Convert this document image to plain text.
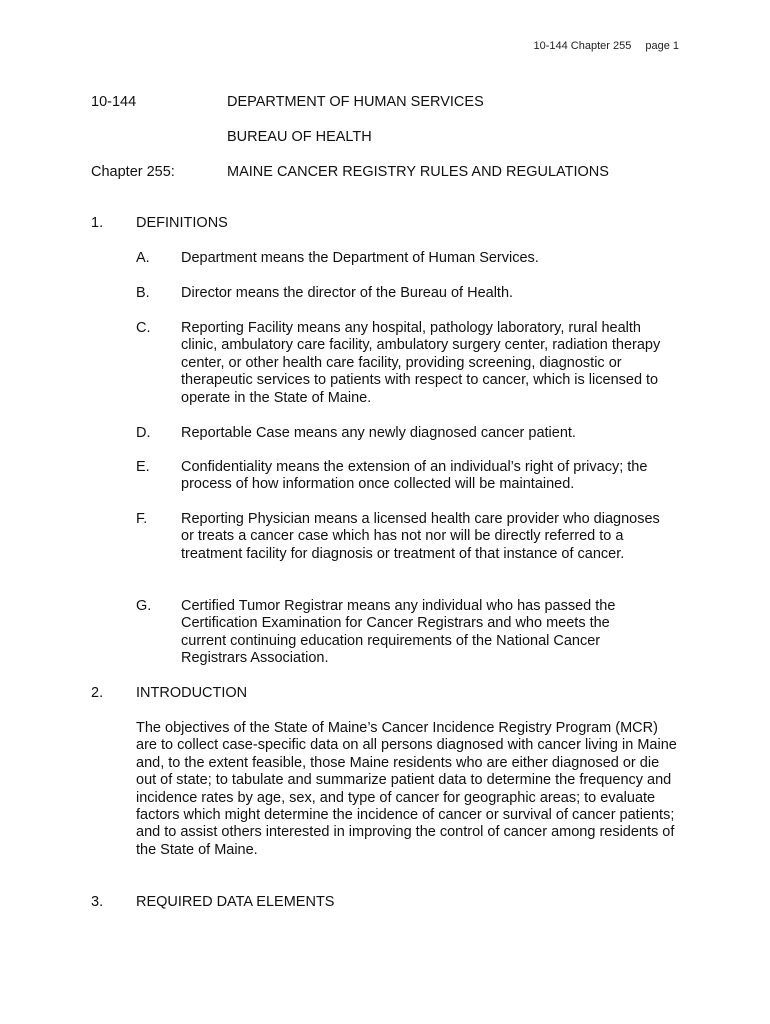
10-144 Chapter 255 page 1
10-144	DEPARTMENT OF HUMAN SERVICES
BUREAU OF HEALTH
Chapter 255:	MAINE CANCER REGISTRY RULES AND REGULATIONS
1. DEFINITIONS
A. Department means the Department of Human Services.
B. Director means the director of the Bureau of Health.
C. Reporting Facility means any hospital, pathology laboratory, rural health clinic, ambulatory care facility, ambulatory surgery center, radiation therapy center, or other health care facility, providing screening, diagnostic or therapeutic services to patients with respect to cancer, which is licensed to operate in the State of Maine.
D. Reportable Case means any newly diagnosed cancer patient.
E. Confidentiality means the extension of an individual’s right of privacy; the process of how information once collected will be maintained.
F. Reporting Physician means a licensed health care provider who diagnoses or treats a cancer case which has not nor will be directly referred to a treatment facility for diagnosis or treatment of that instance of cancer.
G. Certified Tumor Registrar means any individual who has passed the Certification Examination for Cancer Registrars and who meets the current continuing education requirements of the National Cancer Registrars Association.
2. INTRODUCTION
The objectives of the State of Maine’s Cancer Incidence Registry Program (MCR) are to collect case-specific data on all persons diagnosed with cancer living in Maine and, to the extent feasible, those Maine residents who are either diagnosed or die out of state; to tabulate and summarize patient data to determine the frequency and incidence rates by age, sex, and type of cancer for geographic areas; to evaluate factors which might determine the incidence of cancer or survival of cancer patients; and to assist others interested in improving the control of cancer among residents of the State of Maine.
3. REQUIRED DATA ELEMENTS
